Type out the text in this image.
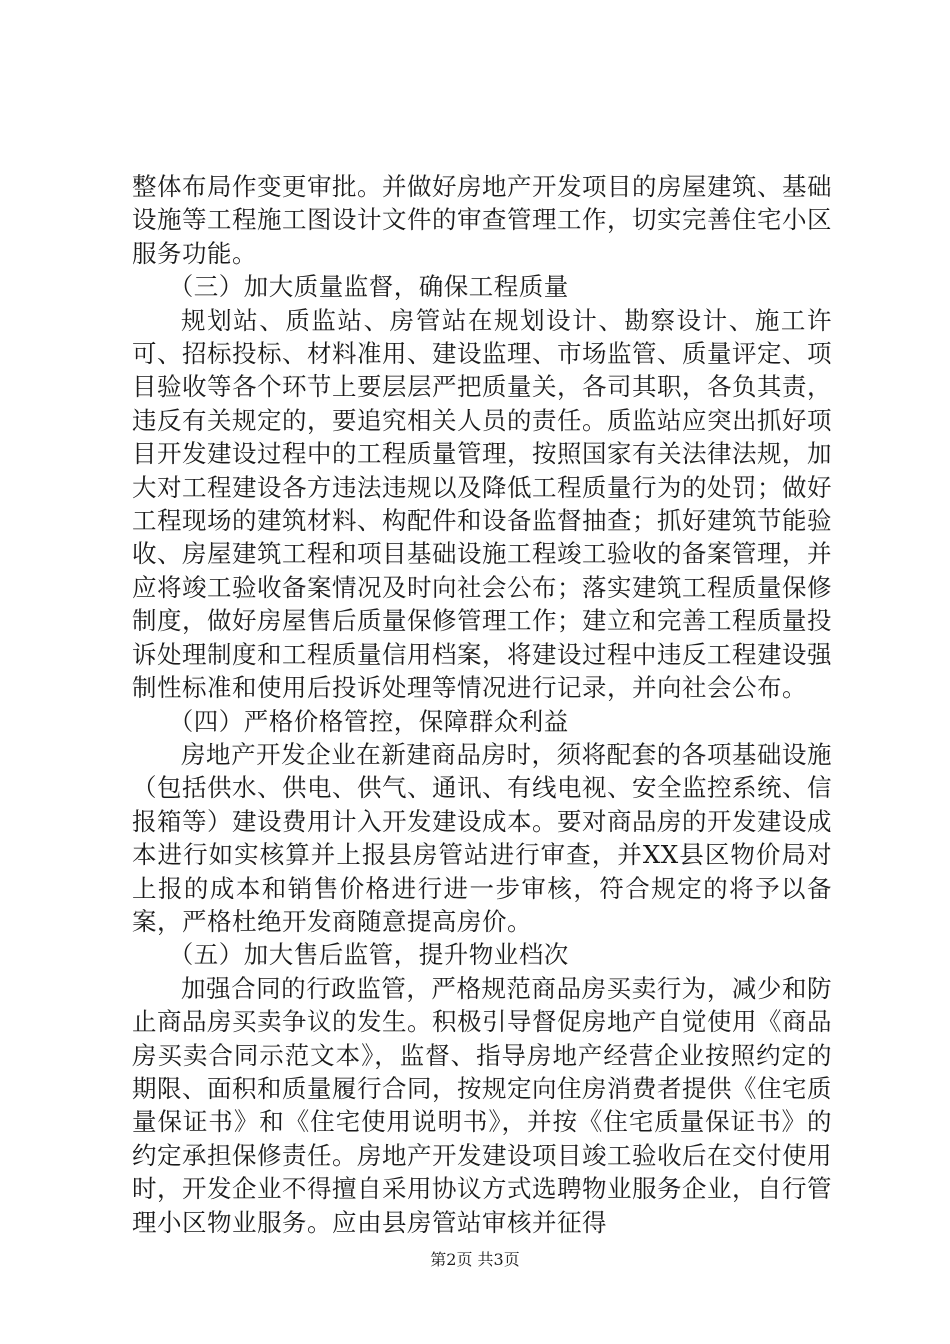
整体布局作变更审批。并做好房地产开发项目的房屋建筑、基础设施等工程施工图设计文件的审查管理工作，切实完善住宅小区服务功能。

（三）加大质量监督，确保工程质量

规划站、质监站、房管站在规划设计、勘察设计、施工许可、招标投标、材料准用、建设监理、市场监管、质量评定、项目验收等各个环节上要层层严把质量关，各司其职，各负其责，违反有关规定的，要追究相关人员的责任。质监站应突出抓好项目开发建设过程中的工程质量管理，按照国家有关法律法规，加大对工程建设各方违法违规以及降低工程质量行为的处罚；做好工程现场的建筑材料、构配件和设备监督抽查；抓好建筑节能验收、房屋建筑工程和项目基础设施工程竣工验收的备案管理，并应将竣工验收备案情况及时向社会公布；落实建筑工程质量保修制度，做好房屋售后质量保修管理工作；建立和完善工程质量投诉处理制度和工程质量信用档案，将建设过程中违反工程建设强制性标准和使用后投诉处理等情况进行记录，并向社会公布。

（四）严格价格管控，保障群众利益

房地产开发企业在新建商品房时，须将配套的各项基础设施（包括供水、供电、供气、通讯、有线电视、安全监控系统、信报箱等）建设费用计入开发建设成本。要对商品房的开发建设成本进行如实核算并上报县房管站进行审查，并XX县区物价局对上报的成本和销售价格进行进一步审核，符合规定的将予以备案，严格杜绝开发商随意提高房价。

（五）加大售后监管，提升物业档次

加强合同的行政监管，严格规范商品房买卖行为，减少和防止商品房买卖争议的发生。积极引导督促房地产自觉使用《商品房买卖合同示范文本》，监督、指导房地产经营企业按照约定的期限、面积和质量履行合同，按规定向住房消费者提供《住宅质量保证书》和《住宅使用说明书》，并按《住宅质量保证书》的约定承担保修责任。房地产开发建设项目竣工验收后在交付使用时，开发企业不得擅自采用协议方式选聘物业服务企业，自行管理小区物业服务。应由县房管站审核并征得

第2页 共3页
